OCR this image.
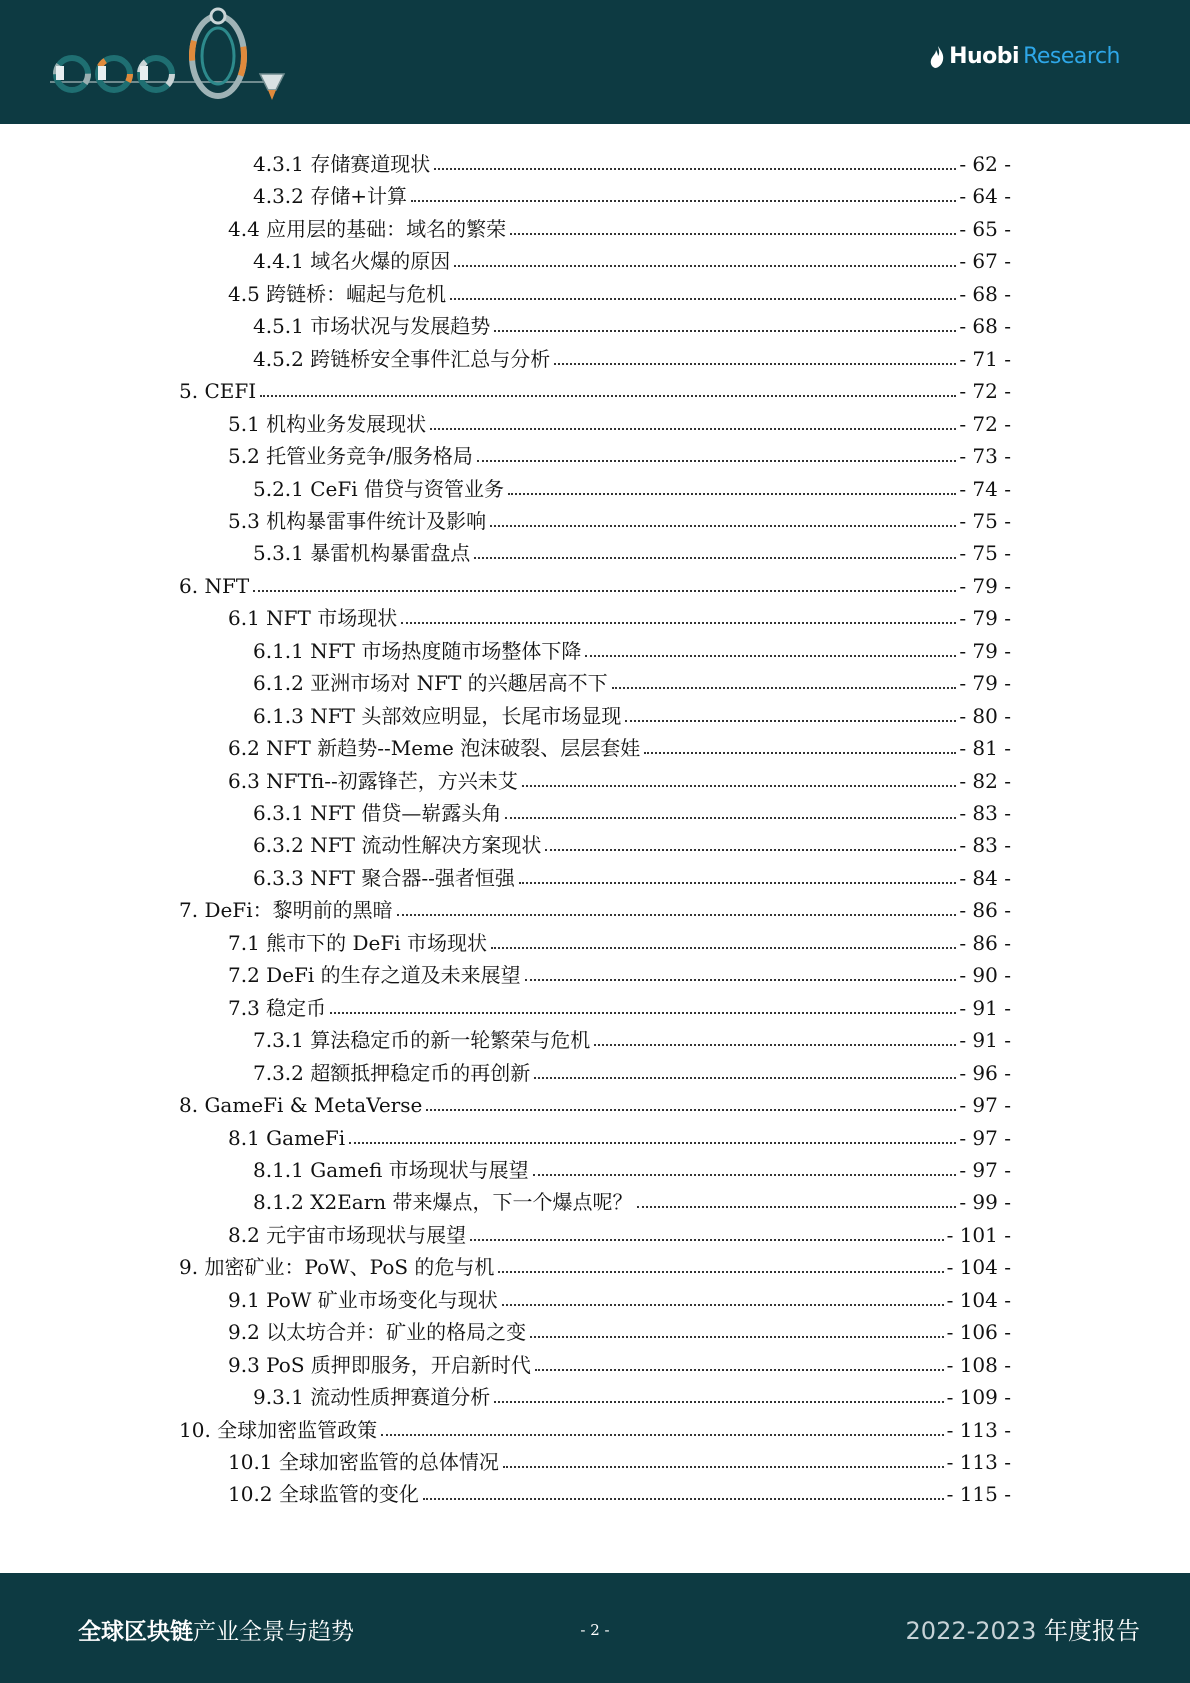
Huobi Research
4.3.1 存储赛道现状	- 62 -
4.3.2 存储+计算	- 64 -
4.4 应用层的基础：域名的繁荣	- 65 -
4.4.1 域名火爆的原因	- 67 -
4.5 跨链桥：崛起与危机	- 68 -
4.5.1 市场状况与发展趋势	- 68 -
4.5.2 跨链桥安全事件汇总与分析	- 71 -
5. CEFI	- 72 -
5.1 机构业务发展现状	- 72 -
5.2 托管业务竞争/服务格局	- 73 -
5.2.1 CeFi 借贷与资管业务	- 74 -
5.3 机构暴雷事件统计及影响	- 75 -
5.3.1 暴雷机构暴雷盘点	- 75 -
6. NFT	- 79 -
6.1 NFT 市场现状	- 79 -
6.1.1 NFT 市场热度随市场整体下降	- 79 -
6.1.2 亚洲市场对 NFT 的兴趣居高不下	- 79 -
6.1.3 NFT 头部效应明显，长尾市场显现	- 80 -
6.2 NFT 新趋势--Meme 泡沫破裂、层层套娃	- 81 -
6.3 NFTfi--初露锋芒，方兴未艾	- 82 -
6.3.1 NFT 借贷—崭露头角	- 83 -
6.3.2 NFT 流动性解决方案现状	- 83 -
6.3.3 NFT 聚合器--强者恒强	- 84 -
7. DeFi：黎明前的黑暗	- 86 -
7.1 熊市下的 DeFi 市场现状	- 86 -
7.2 DeFi 的生存之道及未来展望	- 90 -
7.3 稳定币	- 91 -
7.3.1 算法稳定币的新一轮繁荣与危机	- 91 -
7.3.2 超额抵押稳定币的再创新	- 96 -
8. GameFi & MetaVerse	- 97 -
8.1 GameFi	- 97 -
8.1.1 Gamefi 市场现状与展望	- 97 -
8.1.2 X2Earn 带来爆点，下一个爆点呢？	- 99 -
8.2 元宇宙市场现状与展望	- 101 -
9. 加密矿业：PoW、PoS 的危与机	- 104 -
9.1 PoW 矿业市场变化与现状	- 104 -
9.2 以太坊合并：矿业的格局之变	- 106 -
9.3 PoS 质押即服务，开启新时代	- 108 -
9.3.1 流动性质押赛道分析	- 109 -
10. 全球加密监管政策	- 113 -
10.1 全球加密监管的总体情况	- 113 -
10.2 全球监管的变化	- 115 -
全球区块链产业全景与趋势	- 2 -	2022-2023 年度报告
